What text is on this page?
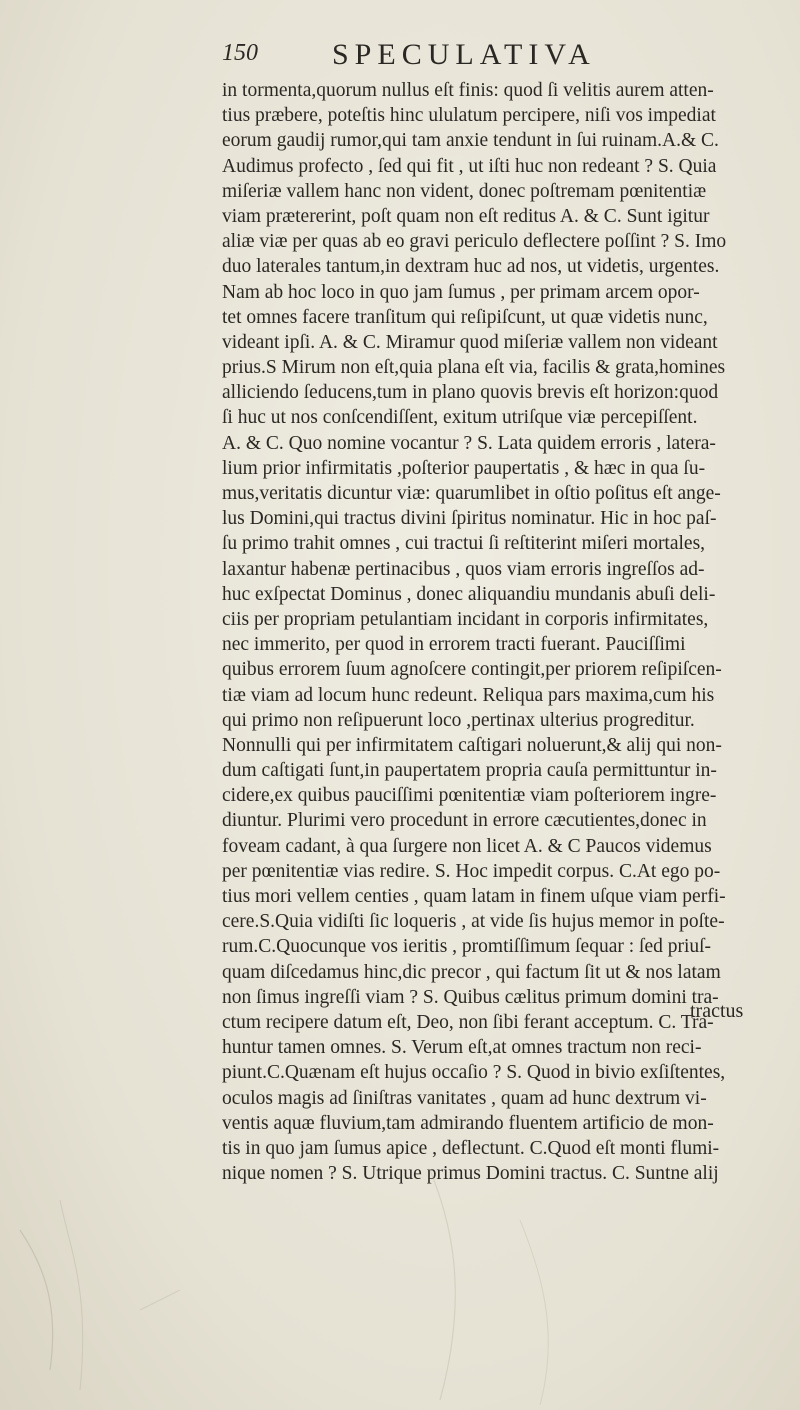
150 SPECULATIVA
in tormenta,quorum nullus eſt finis: quod ſi velitis aurem atten-
tius præbere, poteſtis hinc ululatum percipere, niſi vos impediat
eorum gaudij rumor,qui tam anxie tendunt in ſui ruinam.A.& C.
Audimus profecto , ſed qui fit , ut iſti huc non redeant ? S. Quia
miſeriæ vallem hanc non vident, donec poſtremam pœnitentiæ
viam prætererint, poſt quam non eſt reditus A. & C. Sunt igitur
aliæ viæ per quas ab eo gravi periculo deflectere poſſint ? S. Imo
duo laterales tantum,in dextram huc ad nos, ut videtis, urgentes.
Nam ab hoc loco in quo jam ſumus , per primam arcem opor-
tet omnes facere tranſitum qui reſipiſcunt, ut quæ videtis nunc,
videant ipſi. A. & C. Miramur quod miſeriæ vallem non videant
prius.S Mirum non eſt,quia plana eſt via, facilis & grata,homines
alliciendo ſeducens,tum in plano quovis brevis eſt horizon:quod
ſi huc ut nos conſcendiſſent, exitum utriſque viæ percepiſſent.
A. & C. Quo nomine vocantur ? S. Lata quidem erroris , latera-
lium prior infirmitatis ,poſterior paupertatis , & hæc in qua ſu-
mus,veritatis dicuntur viæ: quarumlibet in oſtio poſitus eſt ange-
lus Domini,qui tractus divini ſpiritus nominatur. Hic in hoc paſ-
ſu primo trahit omnes , cui tractui ſi reſtiterint miſeri mortales,
laxantur habenæ pertinacibus , quos viam erroris ingreſſos ad-
huc exſpectat Dominus , donec aliquandiu mundanis abuſi deli-
ciis per propriam petulantiam incidant in corporis infirmitates,
nec immerito, per quod in errorem tracti fuerant. Pauciſſimi
quibus errorem ſuum agnoſcere contingit,per priorem reſipiſcen-
tiæ viam ad locum hunc redeunt. Reliqua pars maxima,cum his
qui primo non reſipuerunt loco ,pertinax ulterius progreditur.
Nonnulli qui per infirmitatem caſtigari noluerunt,& alij qui non-
dum caſtigati ſunt,in paupertatem propria cauſa permittuntur in-
cidere,ex quibus pauciſſimi pœnitentiæ viam poſteriorem ingre-
diuntur. Plurimi vero procedunt in errore cæcutientes,donec in
foveam cadant, à qua ſurgere non licet A. & C Paucos videmus
per pœnitentiæ vias redire. S. Hoc impedit corpus. C.At ego po-
tius mori vellem centies , quam latam in finem uſque viam perfi-
cere.S.Quia vidiſti ſic loqueris , at vide ſis hujus memor in poſte-
rum.C.Quocunque vos ieritis , promtiſſimum ſequar : ſed priuſ-
quam diſcedamus hinc,dic precor , qui factum ſit ut & nos latam
non ſimus ingreſſi viam ? S. Quibus cælitus primum domini tra-
ctum recipere datum eſt, Deo, non ſibi ferant acceptum. C. Tra-
huntur tamen omnes. S. Verum eſt,at omnes tractum non reci-
piunt.C.Quænam eſt hujus occaſio ? S. Quod in bivio exſiſtentes,
oculos magis ad ſiniſtras vanitates , quam ad hunc dextrum vi-
ventis aquæ fluvium,tam admirando fluentem artificio de mon-
tis in quo jam ſumus apice , deflectunt. C.Quod eſt monti flumi-
nique nomen ? S. Utrique primus Domini tractus. C. Suntne alij
tractus
